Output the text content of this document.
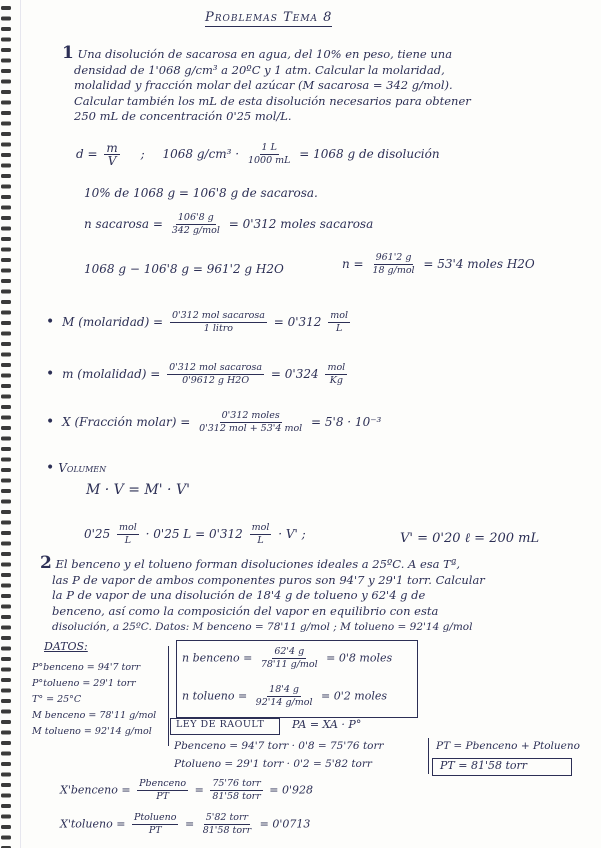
Problemas Tema 8
1 Una disolución de sacarosa en agua, del 10% en peso, tiene una
densidad de 1'068 g/cm³ a 20ºC y 1 atm. Calcular la molaridad,
molalidad y fracción molar del azúcar (M sacarosa = 342 g/mol).
Calcular también los mL de esta disolución necesarios para obtener
250 mL de concentración 0'25 mol/L.
$d = \frac{m}{V}$ ; 1068 $g/cm^3 \cdot \frac{1 L}{1000 mL} = 1068$ g de disolución
10% de 1068 g = 106'8 g de sacarosa.
n sacarosa = $\frac{106'8 g}{\text{342 g/mol}} = 0'312$ moles sacarosa
1068 g − 106'8 g = 961'2 g H2O	$n = \frac{961'2 g}{\text{18 g/mol}} = 53'4$ moles H2O
• M (molaridad) = $\frac{\text{0'312 mol sacarosa}}{\text{1 litro}} = 0'312 \frac{\text{mol}}{L}$
• m (molalidad) = $\frac{\text{0'312 mol sacarosa}}{\text{0'9612 g H2O}} = 0'324 \frac{\text{mol}}{Kg}$
• X (Fracción molar) = $\frac{\text{0'312 moles}}{\text{0'312 mol + 53'4 mol}} = 5'8 \cdot 10^{-3}$
• Volumen
M · V = M' · V'
$0'25 \frac{\text{mol}}{L} \cdot 0'25$ $L = 0'312 \frac{\text{mol}}{L} \cdot V'$ ;	V' = 0'20 ℓ = 200 mL
2 El benceno y el tolueno forman disoluciones ideales a 25ºC. A esa Tª,
las P de vapor de ambos componentes puros son 94'7 y 29'1 torr. Calcular
la P de vapor de una disolución de 18'4 g de tolueno y 62'4 g de
benceno, así como la composición del vapor en equilibrio con esta
disolución, a 25ºC. Datos: M benceno = 78'11 g/mol ; M tolueno = 92'14 g/mol
DATOS:
P°benceno = 94'7 torr
P°tolueno = 29'1 torr
T° = 25°C
M benceno = 78'11 g/mol
M tolueno = 92'14 g/mol
n benceno = $\frac{62'4 g}{\text{78'11 g/mol}} = 0'8$ moles
n tolueno = $\frac{18'4 g}{\text{92'14 g/mol}} = 0'2$ moles
LEY DE RAOULT	PA = XA · P°
Pbenceno = 94'7 torr · 0'8 = 75'76 torr
Ptolueno = 29'1 torr · 0'2 = 5'82 torr
PT = Pbenceno + Ptolueno
PT = 81'58 torr
X'benceno = $\frac{\text{Pbenceno}}{PT} = \frac{\text{75'76 torr}}{\text{81'58 torr}} = 0'928$
X'tolueno = $\frac{\text{Ptolueno}}{PT} = \frac{\text{5'82 torr}}{\text{81'58 torr}} = 0'0713$
